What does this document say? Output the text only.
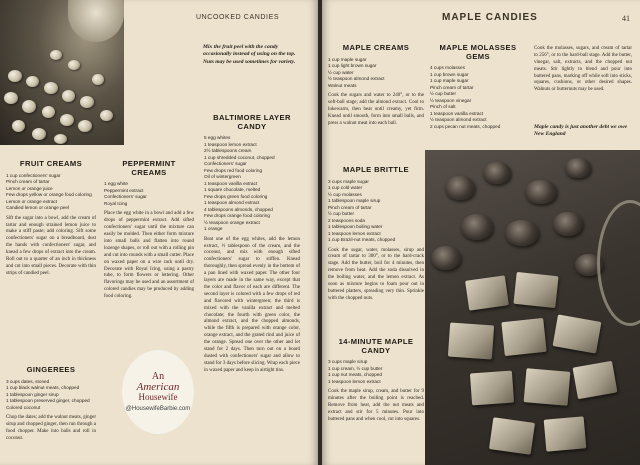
UNCOOKED CANDIES
Mix the fruit peel with the candy occasionally instead of using on the top. Nuts may be used sometimes for variety.
FRUIT CREAMS
1 cup confectioners' sugar
Pinch cream of tartar
Lemon or orange juice
Few drops yellow or orange food coloring
Lemon or orange extract
Candied lemon or orange peel
Sift the sugar into a bowl, add the cream of tartar and enough strained lemon juice to make a stiff paste; add coloring. Sift some confectioners' sugar on a breadboard, dust the hands with confectioners' sugar, and knead a few drops of extract into the cream. Roll out to a quarter of an inch in thickness and cut into small pieces. Decorate with thin strips of candied peel.
GINGEREES
3 cups dates, stoned
1 cup black walnut meats, chopped
1 tablespoon ginger sirup
1 tablespoon preserved ginger, chopped
Colored coconut
Chop the dates; add the walnut meats, ginger sirup and chopped ginger, then run through a food chopper. Make into balls and roll in coconut.
PEPPERMINT CREAMS
1 egg white
Peppermint extract
Confectioners' sugar
Royal Icing
Place the egg white in a bowl and add a few drops of peppermint extract. Add sifted confectioners' sugar until the mixture can easily be molded. Then either form mixture into small balls and flatten into round lozenge shapes, or roll out with a rolling pin and cut into rounds with a small cutter. Place on waxed paper on a wire rack until dry. Decorate with Royal Icing, using a pastry tube, to form flowers or lettering. Other flavorings may be used and an assortment of colored candies may be produced by adding food coloring.
An
American
Housewife
@HousewifeBarbie.com
BALTIMORE LAYER CANDY
5 egg whites
1 teaspoon lemon extract
2½ tablespoons cream
1 cup shredded coconut, chopped
Confectioners' sugar
Few drops red food coloring
Oil of wintergreen
1 teaspoon vanilla extract
1 square chocolate, melted
Few drops green food coloring
1 teaspoon almond extract
4 tablespoons almonds, chopped
Few drops orange food coloring
½ teaspoon orange extract
1 orange
Beat one of the egg whites, add the lemon extract, ½ tablespoon of the cream, and the coconut, and mix with enough sifted confectioners' sugar to stiffen. Knead thoroughly, then spread evenly in the bottom of a pan lined with waxed paper. The other four layers are made in the same way, except that the color and flavor of each are different. The second layer is colored with a few drops of red and flavored with wintergreen; the third is mixed with the vanilla extract and melted chocolate; the fourth with green color, the almond extract, and the chopped almonds, while the fifth is prepared with orange color, orange extract, and the grated rind and juice of the orange. Spread one over the other and let stand for 2 days. Then turn out on a board dusted with confectioners' sugar and allow to stand for 3 days before slicing. Wrap each piece in waxed paper and keep in airtight tins.
MAPLE CANDIES	41
MAPLE CREAMS
1 cup maple sugar
1 cup light brown sugar
½ cup water
½ teaspoon almond extract
Walnut meats
Cook the sugars and water to 240°, or to the soft-ball stage; add the almond extract. Cool to lukewarm, then beat until creamy, yet firm. Knead until smooth, form into small balls, and press a walnut meat into each ball.
MAPLE BRITTLE
3 cups maple sugar
1 cup cold water
½ cup molasses
1 tablespoon maple sirup
Pinch cream of tartar
½ cup butter
2 teaspoons soda
1 tablespoon boiling water
1 teaspoon lemon extract
1 cup Brazil-nut meats, chopped
Cook the sugar, water, molasses, sirup and cream of tartar to 300°, or to the hard-crack stage. Add the butter, boil for 4 minutes, then remove from heat. Add the soda dissolved in the boiling water, and the lemon extract. As soon as mixture begins to foam pour out in buttered platters, spreading very thin. Sprinkle with the chopped nuts.
14-MINUTE MAPLE CANDY
3 cups maple sirup
1 cup cream, ½ cup butter
1 cup nut meats, chopped
1 teaspoon lemon extract
Cook the maple sirup, cream, and butter for 9 minutes after the boiling point is reached. Remove from heat, add the nut meats and extract and stir for 5 minutes. Pour into buttered pans and when cool, cut into squares.
MAPLE MOLASSES GEMS
4 cups molasses
1 cup brown sugar
1 cup maple sugar
Pinch cream of tartar
½ cup butter
½ teaspoon vinegar
Pinch of salt
1 teaspoon vanilla extract
½ teaspoon almond extract
2 cups pecan nut meats, chopped
Cook the molasses, sugars, and cream of tartar to 256°, or to the hard-ball stage. Add the butter, vinegar, salt, extracts, and the chopped nut meats. Stir lightly to blend and pour into buttered pans, marking off while soft into sticks, squares, cushions, or other desired shapes. Walnuts or butternuts may be used.
Maple candy is just another debt we owe New England
